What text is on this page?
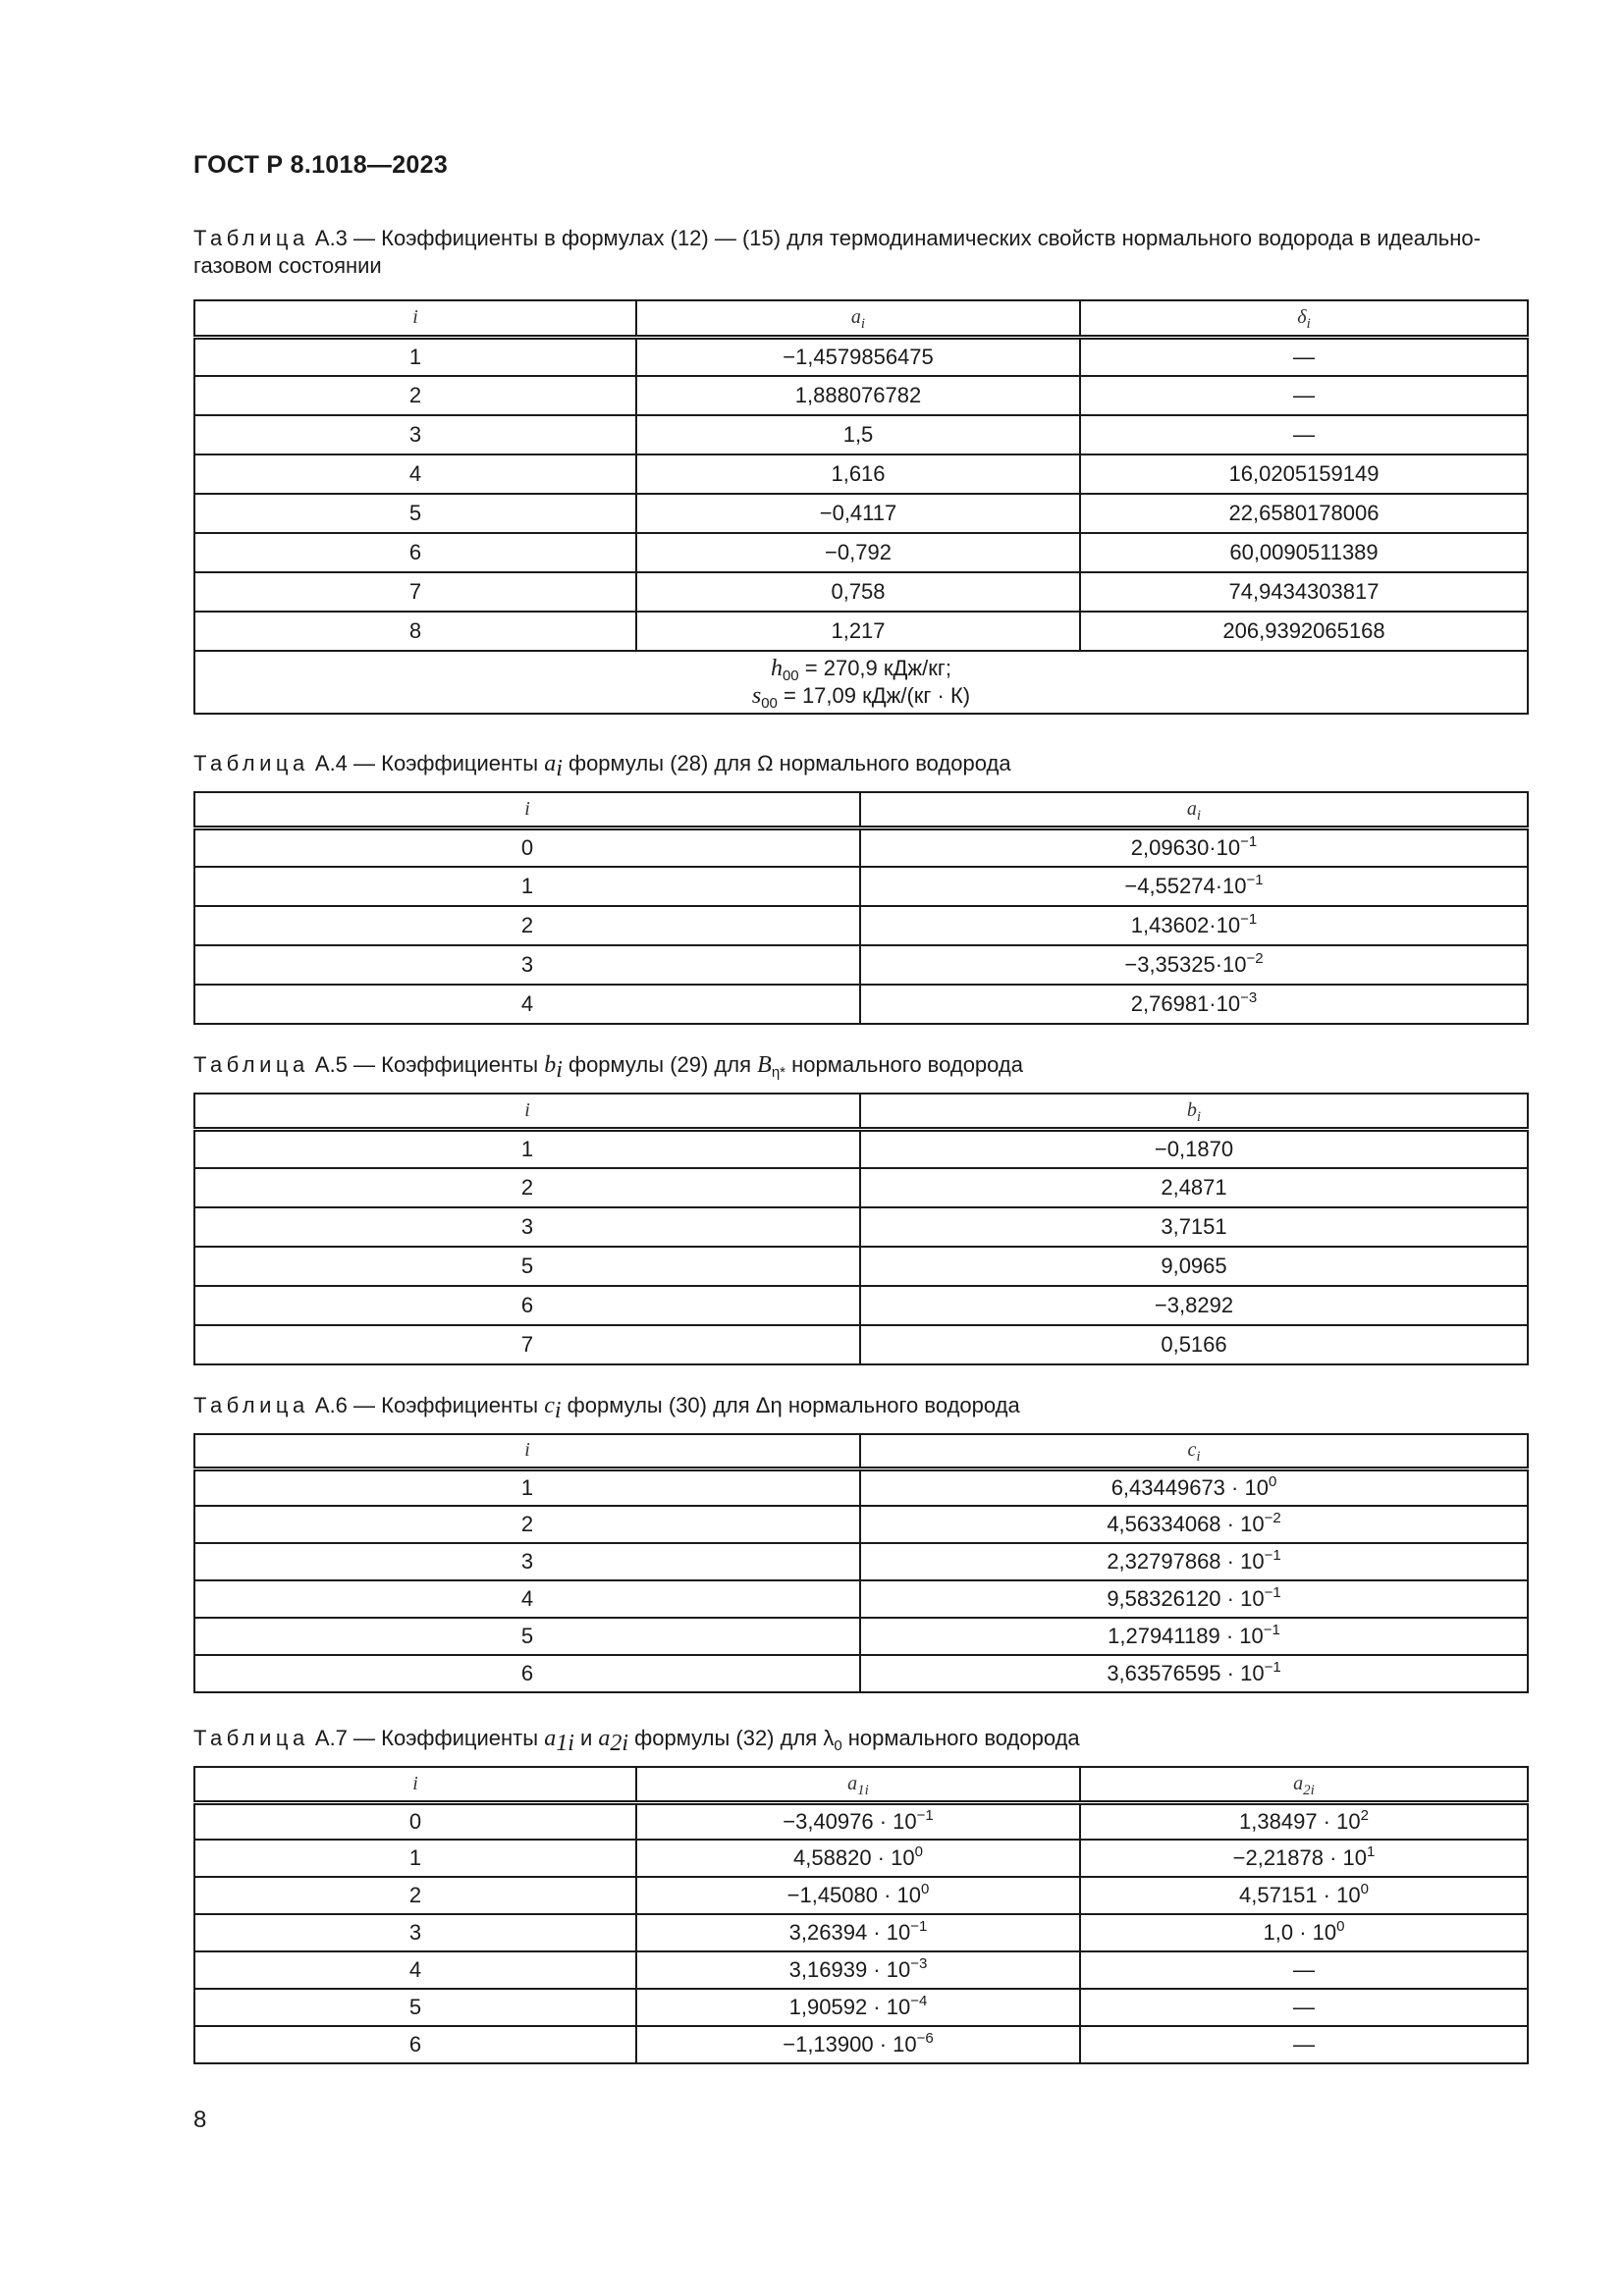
ГОСТ Р 8.1018—2023
Таблица А.3 — Коэффициенты в формулах (12) — (15) для термодинамических свойств нормального водорода в идеально-газовом состоянии
i	$a_i$	$\delta_i$
1	−1,4579856475	—
2	1,888076782	—
3	1,5	—
4	1,616	16,0205159149
5	−0,4117	22,6580178006
6	−0,792	60,0090511389
7	0,758	74,9434303817
8	1,217	206,9392065168

$h_{00} = 270,9$ кДж/кг;
$s_{00} = 17,09$ кДж/(кг · К)		
Таблица А.4 — Коэффициенты $a_i$ формулы (28) для Ω нормального водорода
i	$a_i$
0	$2,09630\cdot 10^{-1}$
1	$-4,55274\cdot 10^{-1}$
2	$1,43602\cdot 10^{-1}$
3	$-3,35325\cdot 10^{-2}$
4	$2,76981\cdot 10^{-3}$
Таблица А.5 — Коэффициенты $b_i$ формулы (29) для $B_{\eta*}$ нормального водорода
i	$b_i$
1	−0,1870
2	2,4871
3	3,7151
5	9,0965
6	−3,8292
7	0,5166
Таблица А.6 — Коэффициенты $c_i$ формулы (30) для Δη нормального водорода
i	$c_i$
1	$6,43449673 \cdot 10^0$
2	$4,56334068 \cdot 10^{-2}$
3	$2,32797868 \cdot 10^{-1}$
4	$9,58326120 \cdot 10^{-1}$
5	$1,27941189 \cdot 10^{-1}$
6	$3,63576595 \cdot 10^{-1}$
Таблица А.7 — Коэффициенты $a_{1i}$ и $a_{2i}$ формулы (32) для $\lambda_0$ нормального водорода
i	$a_{1i}$	$a_{2i}$
0	$-3,40976 \cdot 10^{-1}$	$1,38497 \cdot 10^2$
1	$4,58820 \cdot 10^0$	$-2,21878 \cdot 10^1$
2	$-1,45080 \cdot 10^0$	$4,57151 \cdot 10^0$
3	$3,26394 \cdot 10^{-1}$	$1,0 \cdot 10^0$
4	$3,16939 \cdot 10^{-3}$	—
5	$1,90592 \cdot 10^{-4}$	—
6	$-1,13900 \cdot 10^{-6}$	—
8
